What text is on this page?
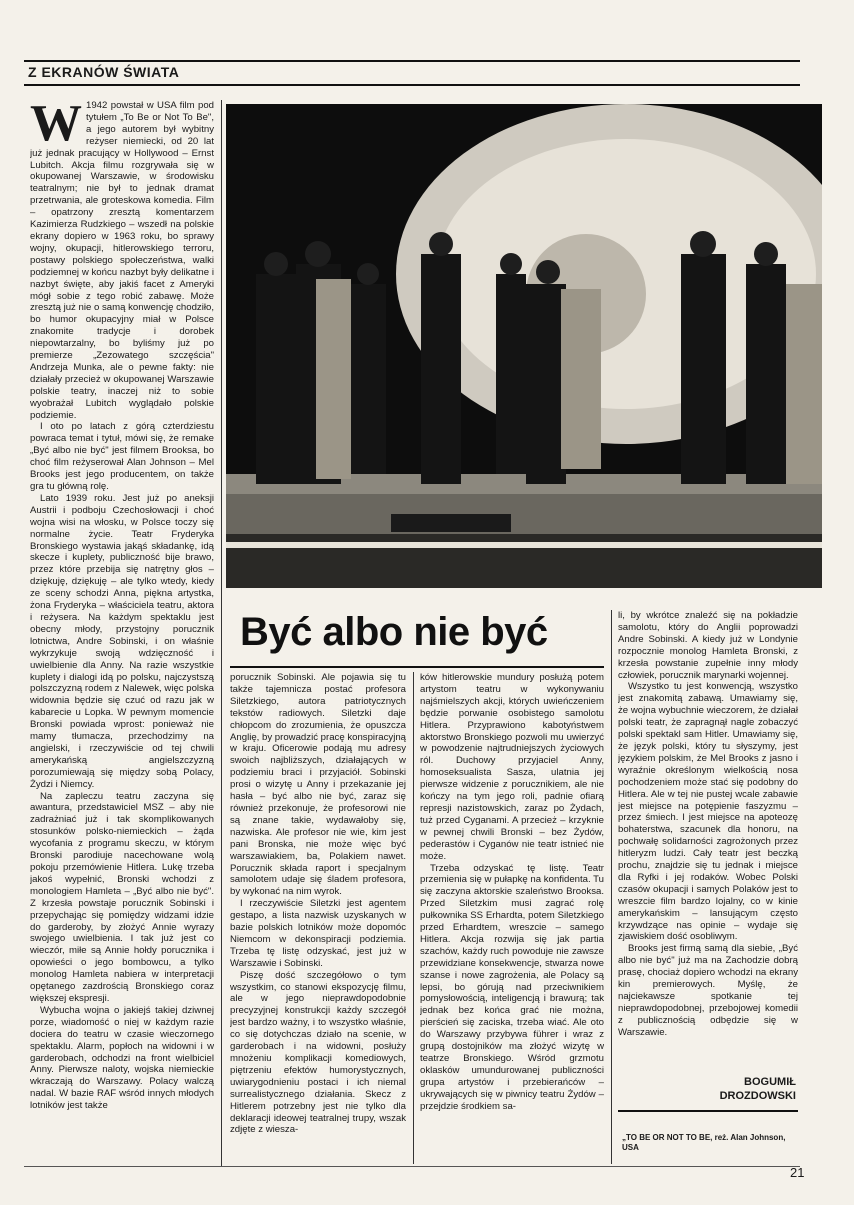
Z EKRANÓW ŚWIATA

W 1942 powstał w USA film pod tytułem „To Be or Not To Be", a jego autorem był wybitny reżyser niemiecki, od 20 lat już jednak pracujący w Hollywood – Ernst Lubitch. Akcja filmu rozgrywała się w okupowanej Warszawie, w środowisku teatralnym; nie był to jednak dramat przetrwania, ale groteskowa komedia. Film – opatrzony zresztą komentarzem Kazimierza Rudzkiego – wszedł na polskie ekrany dopiero w 1963 roku, bo sprawy wojny, okupacji, hitlerowskiego terroru, postawy polskiego społeczeństwa, walki podziemnej w końcu nazbyt były delikatne i nazbyt święte, aby jakiś facet z Ameryki mógł sobie z tego robić zabawę. Może zresztą już nie o samą konwencję chodziło, bo humor okupacyjny miał w Polsce znakomite tradycje i dorobek niepowtarzalny, bo byliśmy już po premierze „Zezowatego szczęścia" Andrzeja Munka, ale o pewne fakty: nie działały przecież w okupowanej Warszawie polskie teatry, inaczej niż to sobie wyobrażał Lubitch wyglądało polskie podziemie.

I oto po latach z górą czterdziestu powraca temat i tytuł, mówi się, że remake „Być albo nie być" jest filmem Brooksa, bo choć film reżyserował Alan Johnson – Mel Brooks jest jego producentem, on także gra tu główną rolę.

Lato 1939 roku. Jest już po aneksji Austrii i podboju Czechosłowacji i choć wojna wisi na włosku, w Polsce toczy się normalne życie. Teatr Fryderyka Bronskiego wystawia jakąś składankę, idą skecze i kuplety, publiczność bije brawo, przez które przebija się natrętny głos – dziękuję, dziękuję – ale tylko wtedy, kiedy ze sceny schodzi Anna, piękna artystka, żona Fryderyka – właściciela teatru, aktora i reżysera. Na każdym spektaklu jest obecny młody, przystojny porucznik lotnictwa, Andre Sobinski, i on właśnie wykrzykuje swoją wdzięczność i uwielbienie dla Anny. Na razie wszystkie kuplety i dialogi idą po polsku, najczystszą polszczyzną rodem z Nalewek, więc polska widownia będzie się czuć od razu jak w kabarecie u Lopka. W pewnym momencie Bronski powiada wprost: ponieważ nie mamy tłumacza, przechodzimy na angielski, i rzeczywiście od tej chwili amerykańską angielszczyzną porozumiewają się między sobą Polacy, Żydzi i Niemcy.

Na zapleczu teatru zaczyna się awantura, przedstawiciel MSZ – aby nie zadrażniać już i tak skomplikowanych stosunków polsko-niemieckich – żąda wycofania z programu skeczu, w którym Bronski parodiuje nacechowane wolą pokoju przemówienie Hitlera. Lukę trzeba jakoś wypełnić, Bronski wchodzi z monologiem Hamleta – „Być albo nie być". Z krzesła powstaje porucznik Sobinski i przepychając się pomiędzy widzami idzie do garderoby, by złożyć Annie wyrazy swojego uwielbienia. I tak już jest co wieczór, miłe są Annie hołdy porucznika i opowieści o jego bombowcu, a tylko monolog Hamleta nabiera w interpretacji opętanego zazdrością Bronskiego coraz większej ekspresji.

Wybucha wojna o jakiejś takiej dziwnej porze, wiadomość o niej w każdym razie dociera do teatru w czasie wieczornego spektaklu. Alarm, popłoch na widowni i w garderobach, odchodzi na front wielbiciel Anny. Pierwsze naloty, wojska niemieckie wkraczają do Warszawy. Polacy walczą nadal. W bazie RAF wśród innych młodych lotników jest także

Być albo nie być

porucznik Sobinski. Ale pojawia się tu także tajemnicza postać profesora Siletzkiego, autora patriotycznych tekstów radiowych. Siletzki daje chłopcom do zrozumienia, że opuszcza Anglię, by prowadzić pracę konspiracyjną w kraju. Oficerowie podają mu adresy swoich najbliższych, działających w podziemiu braci i przyjaciół. Sobinski prosi o wizytę u Anny i przekazanie jej hasła – być albo nie być, zaraz się również przekonuje, że profesorowi nie są znane takie, wydawałoby się, nazwiska. Ale profesor nie wie, kim jest pani Bronska, nie może więc być warszawiakiem, ba, Polakiem nawet. Porucznik składa raport i specjalnym samolotem udaje się śladem profesora, by wykonać na nim wyrok.

I rzeczywiście Siletzki jest agentem gestapo, a lista nazwisk uzyskanych w bazie polskich lotników może dopomóc Niemcom w dekonspiracji podziemia. Trzeba tę listę odzyskać, jest już w Warszawie i Sobinski.

Piszę dość szczegółowo o tym wszystkim, co stanowi ekspozycję filmu, ale w jego nieprawdopodobnie precyzyjnej konstrukcji każdy szczegół jest bardzo ważny, i to wszystko właśnie, co się dotychczas działo na scenie, w garderobach i na widowni, posłuży mnożeniu komplikacji komediowych, piętrzeniu efektów humorystycznych, uwiarygodnieniu postaci i ich niemal surrealistycznego działania. Skecz z Hitlerem potrzebny jest nie tylko dla deklaracji ideowej teatralnej trupy, wszak zdjęte z wiesza-

ków hitlerowskie mundury posłużą potem artystom teatru w wykonywaniu najśmielszych akcji, których uwieńczeniem będzie porwanie osobistego samolotu Hitlera. Przyprawiono kabotyństwem aktorstwo Bronskiego pozwoli mu uwierzyć w powodzenie najtrudniejszych życiowych ról. Duchowy przyjaciel Anny, homoseksualista Sasza, ulatnia jej pierwsze widzenie z porucznikiem, ale nie kończy na tym jego roli, padnie ofiarą represji nazistowskich, zaraz po Żydach, tuż przed Cyganami. A przecież – krzyknie w pewnej chwili Bronski – bez Żydów, pederastów i Cyganów nie teatr istnieć nie może.

Trzeba odzyskać tę listę. Teatr przemienia się w pułapkę na konfidenta. Tu się zaczyna aktorskie szaleństwo Brooksa. Przed Siletzkim musi zagrać rolę pułkownika SS Erhardta, potem Siletzkiego przed Erhardtem, wreszcie – samego Hitlera. Akcja rozwija się jak partia szachów, każdy ruch powoduje nie zawsze przewidziane konsekwencje, stwarza nowe szanse i nowe zagrożenia, ale Polacy są lepsi, bo górują nad przeciwnikiem pomysłowością, inteligencją i brawurą; tak jednak bez końca grać nie można, pierścień się zaciska, trzeba wiać. Ale oto do Warszawy przybywa führer i wraz z grupą dostojników ma złożyć wizytę w teatrze Bronskiego. Wśród grzmotu oklasków umundurowanej publiczności grupa artystów i przebierańców – ukrywających się w piwnicy teatru Żydów – przejdzie środkiem sa-

li, by wkrótce znaleźć się na pokładzie samolotu, który do Anglii poprowadzi Andre Sobinski. A kiedy już w Londynie rozpocznie monolog Hamleta Bronski, z krzesła powstanie zupełnie inny młody człowiek, porucznik marynarki wojennej.

Wszystko tu jest konwencją, wszystko jest znakomitą zabawą. Umawiamy się, że wojna wybuchnie wieczorem, że działał polski teatr, że zapragnął nagle zobaczyć polski spektakl sam Hitler. Umawiamy się, że język polski, który tu słyszymy, jest językiem polskim, że Mel Brooks z jasno i wyraźnie określonym wielkością nosa pochodzeniem może stać się podobny do Hitlera. Ale w tej nie pustej wcale zabawie jest miejsce na potępienie faszyzmu – przez śmiech. I jest miejsce na apoteozę bohaterstwa, szacunek dla honoru, na pochwałę solidarności zagrożonych przez hitleryzm ludzi. Cały teatr jest beczką prochu, znajdzie się tu jednak i miejsce dla Ryfki i jej rodaków. Wobec Polski czasów okupacji i samych Polaków jest to wreszcie film bardzo lojalny, co w kinie amerykańskim – lansującym często krzywdzące nas opinie – wydaje się zjawiskiem dość osobliwym.

Brooks jest firmą samą dla siebie, „Być albo nie być" już ma na Zachodzie dobrą prasę, chociaż dopiero wchodzi na ekrany kin premierowych. Myślę, że najciekawsze spotkanie tej nieprawdopodobnej, przebojowej komedii z publicznością odbędzie się w Warszawie.

BOGUMIŁ
DROZDOWSKI
„TO BE OR NOT TO BE, reż. Alan Johnson, USA
21
